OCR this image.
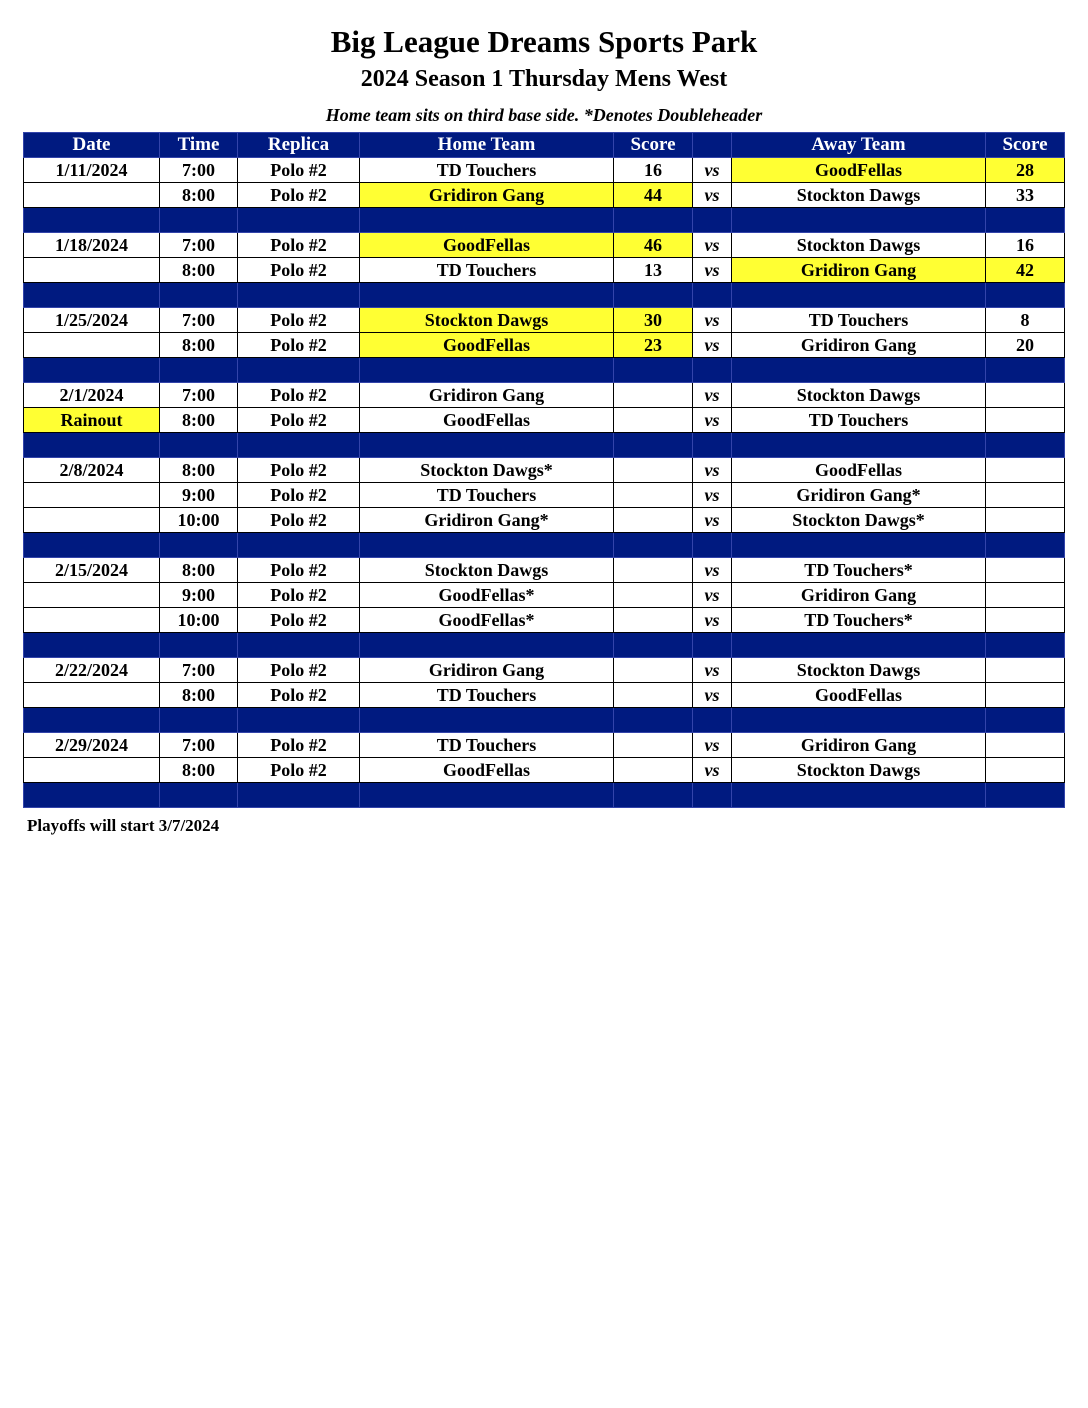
Big League Dreams Sports Park
2024 Season 1 Thursday Mens West
Home team sits on third base side. *Denotes Doubleheader
Date	Time	Replica	Home Team	Score		Away Team	Score
1/11/2024	7:00	Polo #2	TD Touchers	16	vs	GoodFellas	28
	8:00	Polo #2	Gridiron Gang	44	vs	Stockton Dawgs	33

1/18/2024	7:00	Polo #2	GoodFellas	46	vs	Stockton Dawgs	16
	8:00	Polo #2	TD Touchers	13	vs	Gridiron Gang	42

1/25/2024	7:00	Polo #2	Stockton Dawgs	30	vs	TD Touchers	8
	8:00	Polo #2	GoodFellas	23	vs	Gridiron Gang	20

2/1/2024	7:00	Polo #2	Gridiron Gang		vs	Stockton Dawgs	
Rainout	8:00	Polo #2	GoodFellas		vs	TD Touchers	

2/8/2024	8:00	Polo #2	Stockton Dawgs*		vs	GoodFellas	
	9:00	Polo #2	TD Touchers		vs	Gridiron Gang*	
	10:00	Polo #2	Gridiron Gang*		vs	Stockton Dawgs*	

2/15/2024	8:00	Polo #2	Stockton Dawgs		vs	TD Touchers*	
	9:00	Polo #2	GoodFellas*		vs	Gridiron Gang	
	10:00	Polo #2	GoodFellas*		vs	TD Touchers*	

2/22/2024	7:00	Polo #2	Gridiron Gang		vs	Stockton Dawgs	
	8:00	Polo #2	TD Touchers		vs	GoodFellas	

2/29/2024	7:00	Polo #2	TD Touchers		vs	Gridiron Gang	
	8:00	Polo #2	GoodFellas		vs	Stockton Dawgs	

Playoffs will start 3/7/2024
